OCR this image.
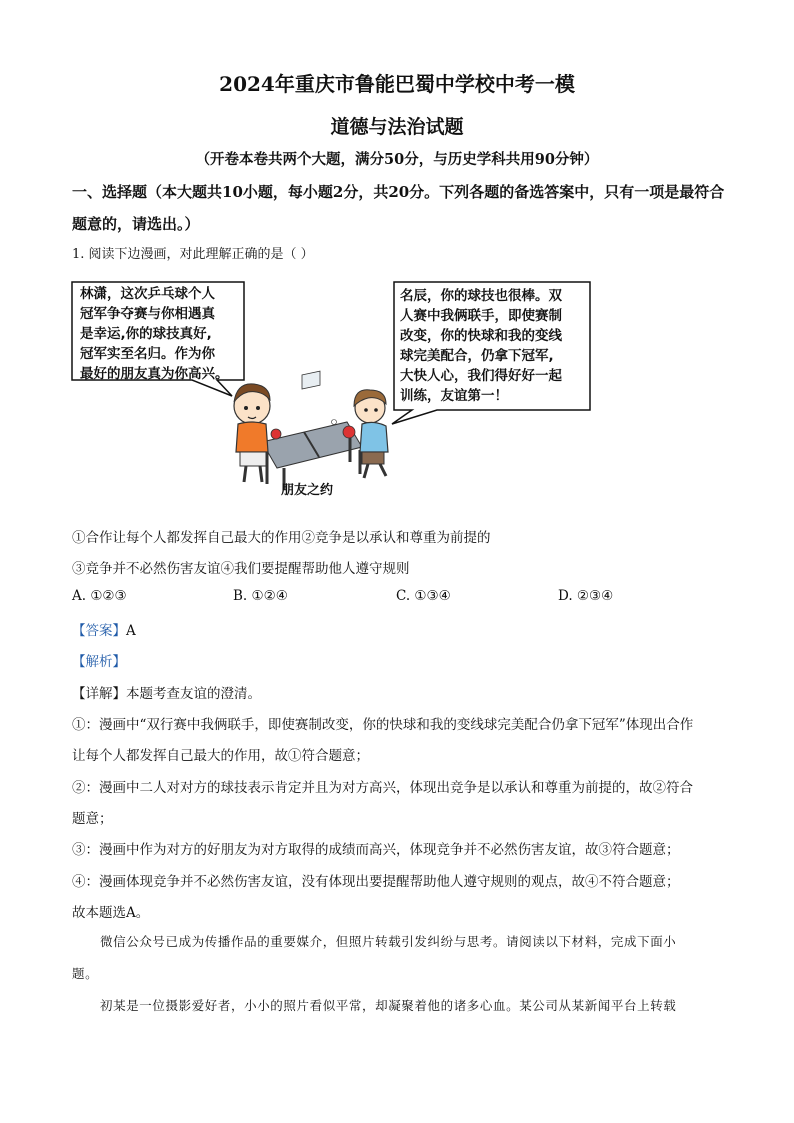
2024年重庆市鲁能巴蜀中学校中考一模
道德与法治试题
（开卷本卷共两个大题，满分50分，与历史学科共用90分钟）
一、选择题（本大题共10小题，每小题2分，共20分。下列各题的备选答案中，只有一项是最符合题意的，请选出。）
1. 阅读下边漫画，对此理解正确的是（ ）
林潇，这次乒乓球个人
冠军争夺赛与你相遇真
是幸运,你的球技真好,
冠军实至名归。作为你
最好的朋友真为你高兴。
名辰，你的球技也很棒。双
人赛中我俩联手，即使赛制
改变，你的快球和我的变线
球完美配合，仍拿下冠军,
大快人心，我们得好好一起
训练，友谊第一！
朋友之约
①合作让每个人都发挥自己最大的作用②竞争是以承认和尊重为前提的
③竞争并不必然伤害友谊④我们要提醒帮助他人遵守规则
A. ①②③	B. ①②④	C. ①③④	D. ②③④
【答案】A
【解析】
【详解】本题考查友谊的澄清。
①：漫画中“双行赛中我俩联手，即使赛制改变，你的快球和我的变线球完美配合仍拿下冠军”体现出合作
让每个人都发挥自己最大的作用，故①符合题意；
②：漫画中二人对对方的球技表示肯定并且为对方高兴，体现出竞争是以承认和尊重为前提的，故②符合
题意；
③：漫画中作为对方的好朋友为对方取得的成绩而高兴，体现竞争并不必然伤害友谊，故③符合题意；
④：漫画体现竞争并不必然伤害友谊，没有体现出要提醒帮助他人遵守规则的观点，故④不符合题意；
故本题选A。
微信公众号已成为传播作品的重要媒介，但照片转载引发纠纷与思考。请阅读以下材料，完成下面小
题。
初某是一位摄影爱好者，小小的照片看似平常，却凝聚着他的诸多心血。某公司从某新闻平台上转载
